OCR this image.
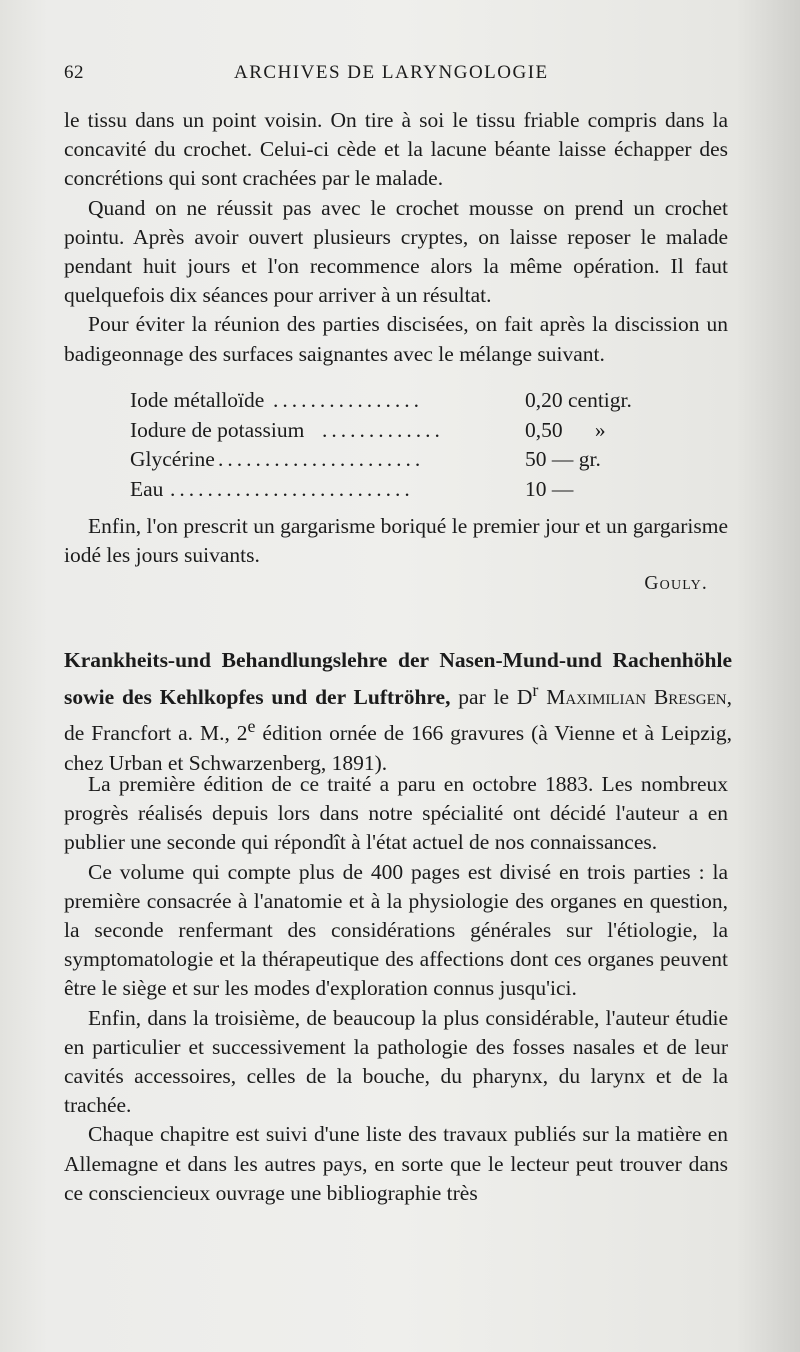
62	ARCHIVES DE LARYNGOLOGIE

le tissu dans un point voisin. On tire à soi le tissu friable compris dans la concavité du crochet. Celui-ci cède et la lacune béante laisse échapper des concrétions qui sont crachées par le malade.

Quand on ne réussit pas avec le crochet mousse on prend un crochet pointu. Après avoir ouvert plusieurs cryptes, on laisse reposer le malade pendant huit jours et l'on recommence alors la même opération. Il faut quelquefois dix séances pour arriver à un résultat.

Pour éviter la réunion des parties discisées, on fait après la discission un badigeonnage des surfaces saignantes avec le mélange suivant.

Iode métalloïde ................	0,20 centigr.
Iodure de potassium .............	0,50      »
Glycérine ......................	50 — gr.
Eau ..........................	10 —

Enfin, l'on prescrit un gargarisme boriqué le premier jour et un gargarisme iodé les jours suivants.

Gouly.
Krankheits-und Behandlungslehre der Nasen-Mund-und Rachenhöhle sowie des Kehlkopfes und der Luftröhre, par le $D^r$ Maximilian Bresgen, de Francfort a. M., 2e édition ornée de 166 gravures (à Vienne et à Leipzig, chez Urban et Schwarzenberg, 1891).

La première édition de ce traité a paru en octobre 1883. Les nombreux progrès réalisés depuis lors dans notre spécialité ont décidé l'auteur a en publier une seconde qui répondît à l'état actuel de nos connaissances.

Ce volume qui compte plus de 400 pages est divisé en trois parties : la première consacrée à l'anatomie et à la physiologie des organes en question, la seconde renfermant des considérations générales sur l'étiologie, la symptomatologie et la thérapeutique des affections dont ces organes peuvent être le siège et sur les modes d'exploration connus jusqu'ici.

Enfin, dans la troisième, de beaucoup la plus considérable, l'auteur étudie en particulier et successivement la pathologie des fosses nasales et de leur cavités accessoires, celles de la bouche, du pharynx, du larynx et de la trachée.

Chaque chapitre est suivi d'une liste des travaux publiés sur la matière en Allemagne et dans les autres pays, en sorte que le lecteur peut trouver dans ce consciencieux ouvrage une bibliographie très
